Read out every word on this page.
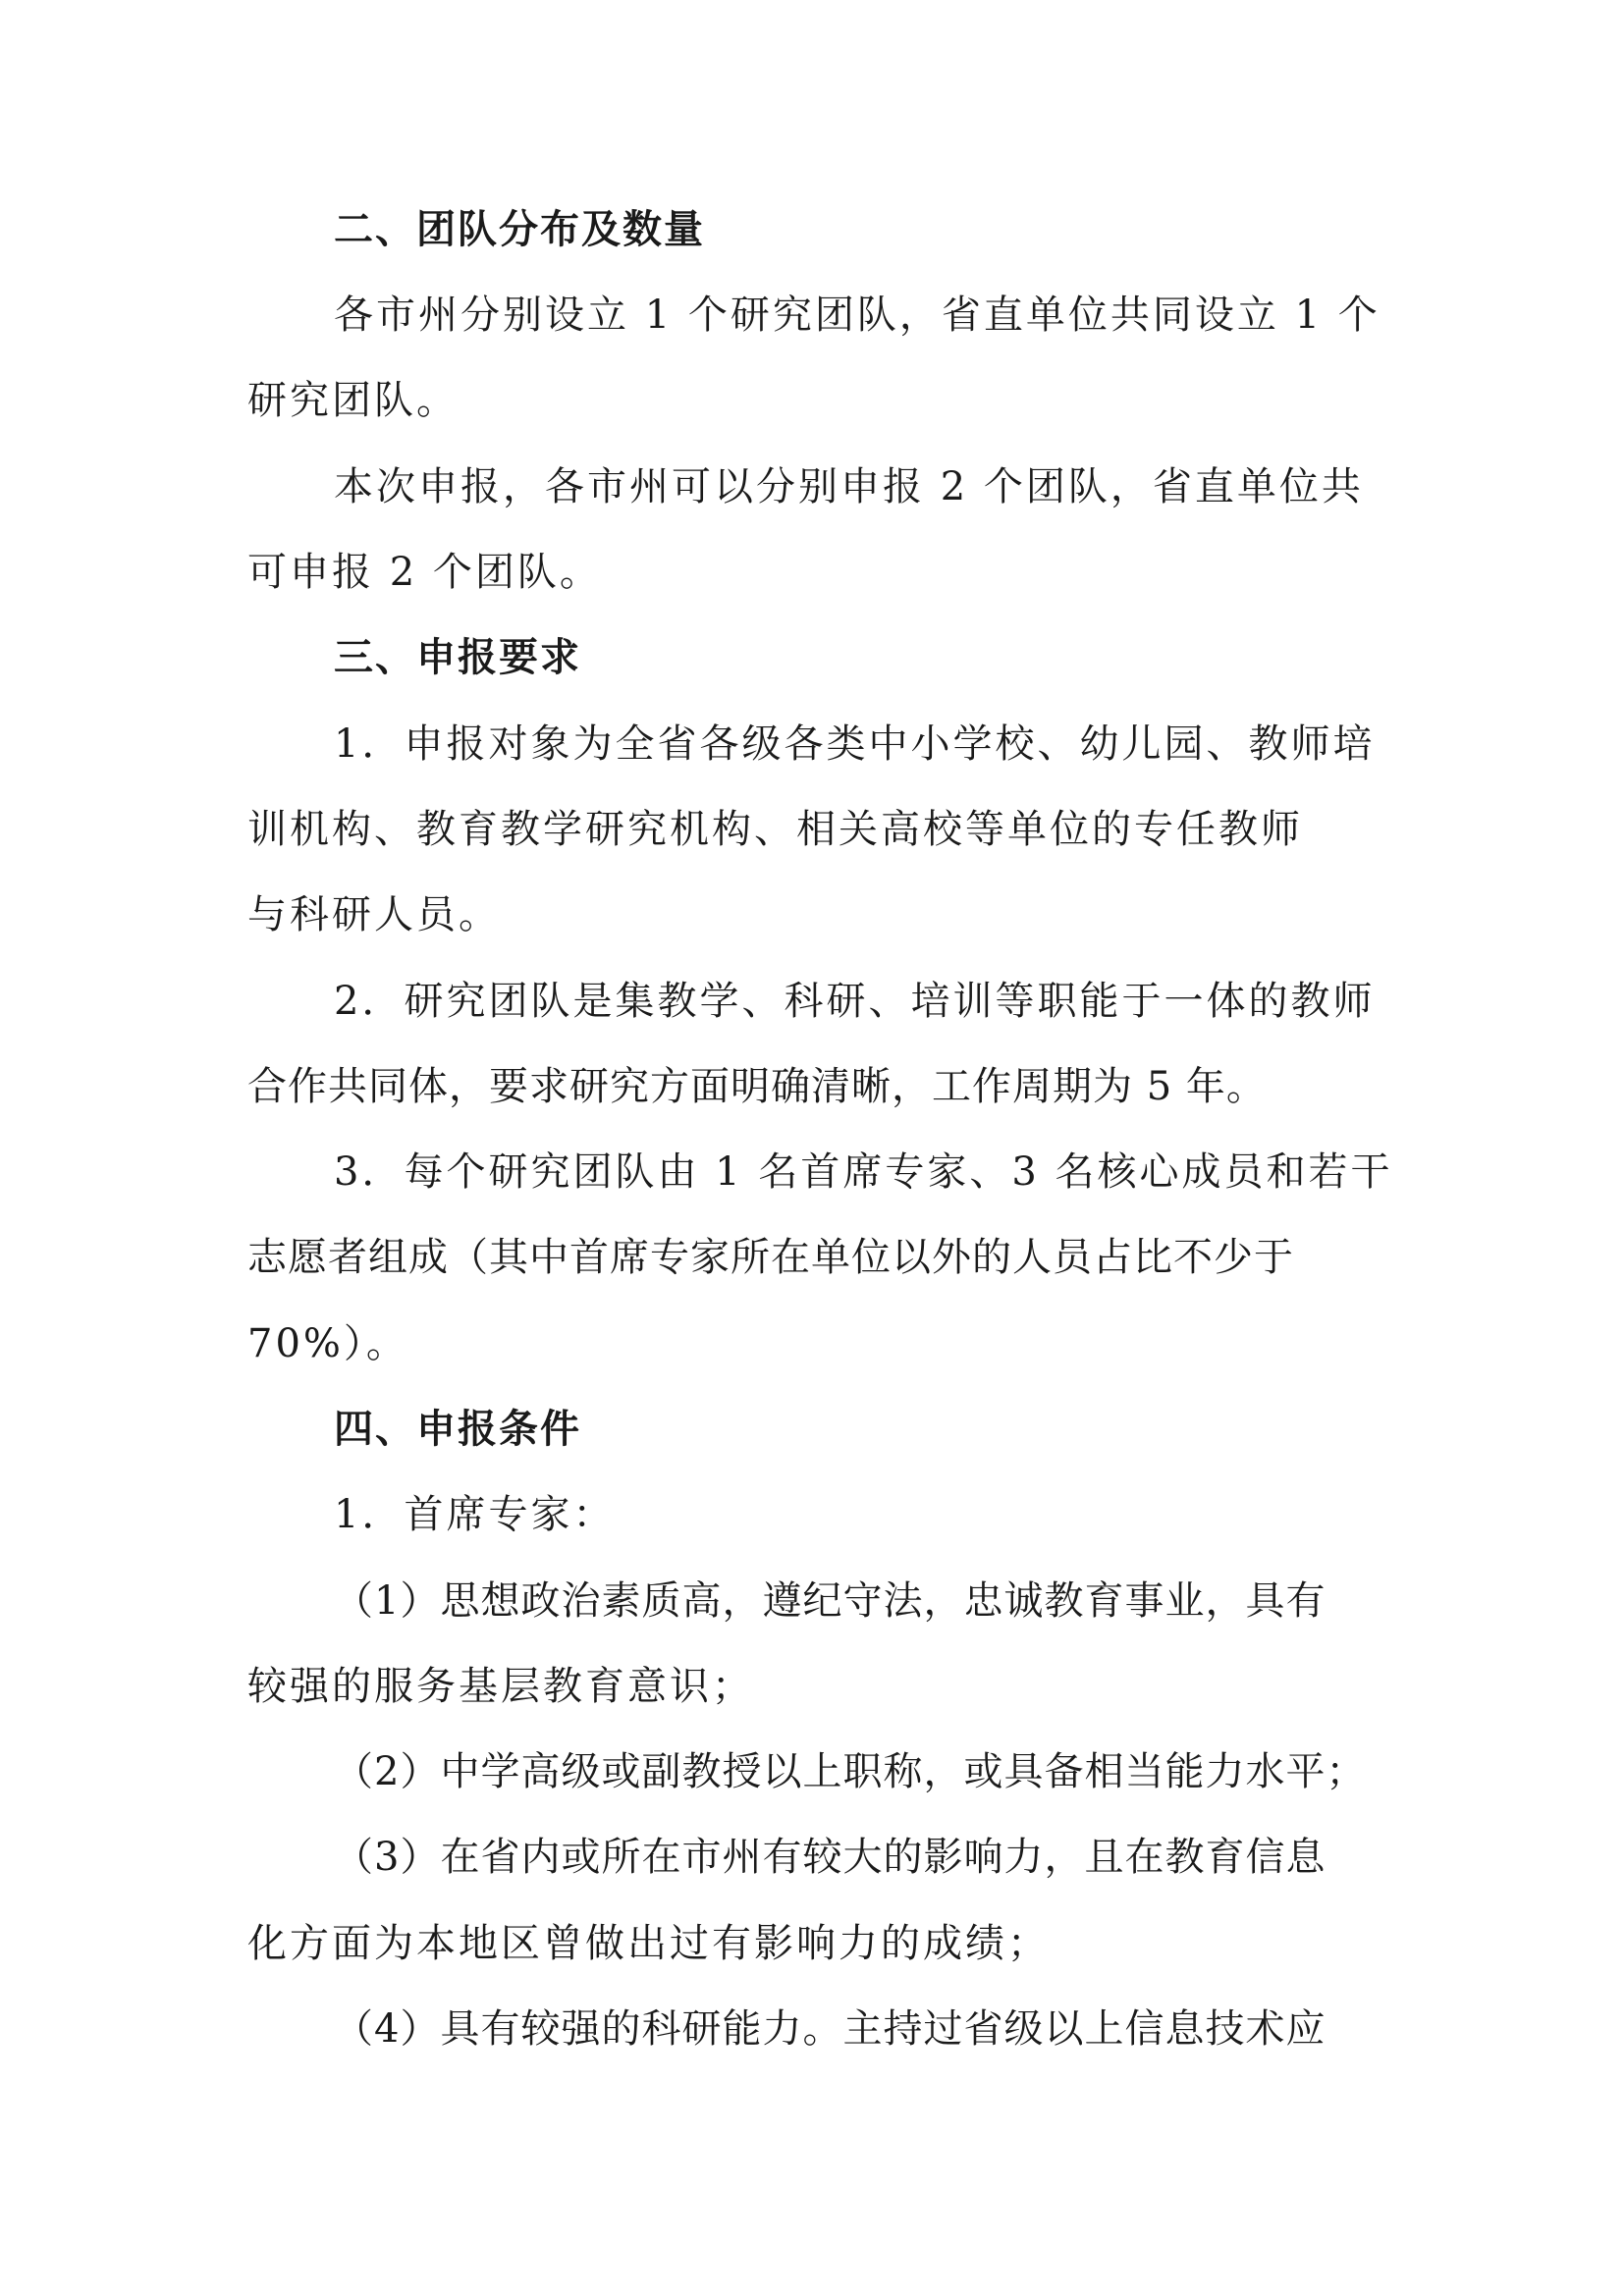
二、团队分布及数量
各市州分别设立 1 个研究团队，省直单位共同设立 1 个
研究团队。
本次申报，各市州可以分别申报 2 个团队，省直单位共
可申报 2 个团队。
三、申报要求
1．申报对象为全省各级各类中小学校、幼儿园、教师培
训机构、教育教学研究机构、相关高校等单位的专任教师
与科研人员。
2．研究团队是集教学、科研、培训等职能于一体的教师
合作共同体，要求研究方面明确清晰，工作周期为 5 年。
3．每个研究团队由 1 名首席专家、3 名核心成员和若干
志愿者组成（其中首席专家所在单位以外的人员占比不少于
70%）。
四、申报条件
1．首席专家：
（1）思想政治素质高，遵纪守法，忠诚教育事业，具有
较强的服务基层教育意识；
（2）中学高级或副教授以上职称，或具备相当能力水平；
（3）在省内或所在市州有较大的影响力，且在教育信息
化方面为本地区曾做出过有影响力的成绩；
（4）具有较强的科研能力。主持过省级以上信息技术应
